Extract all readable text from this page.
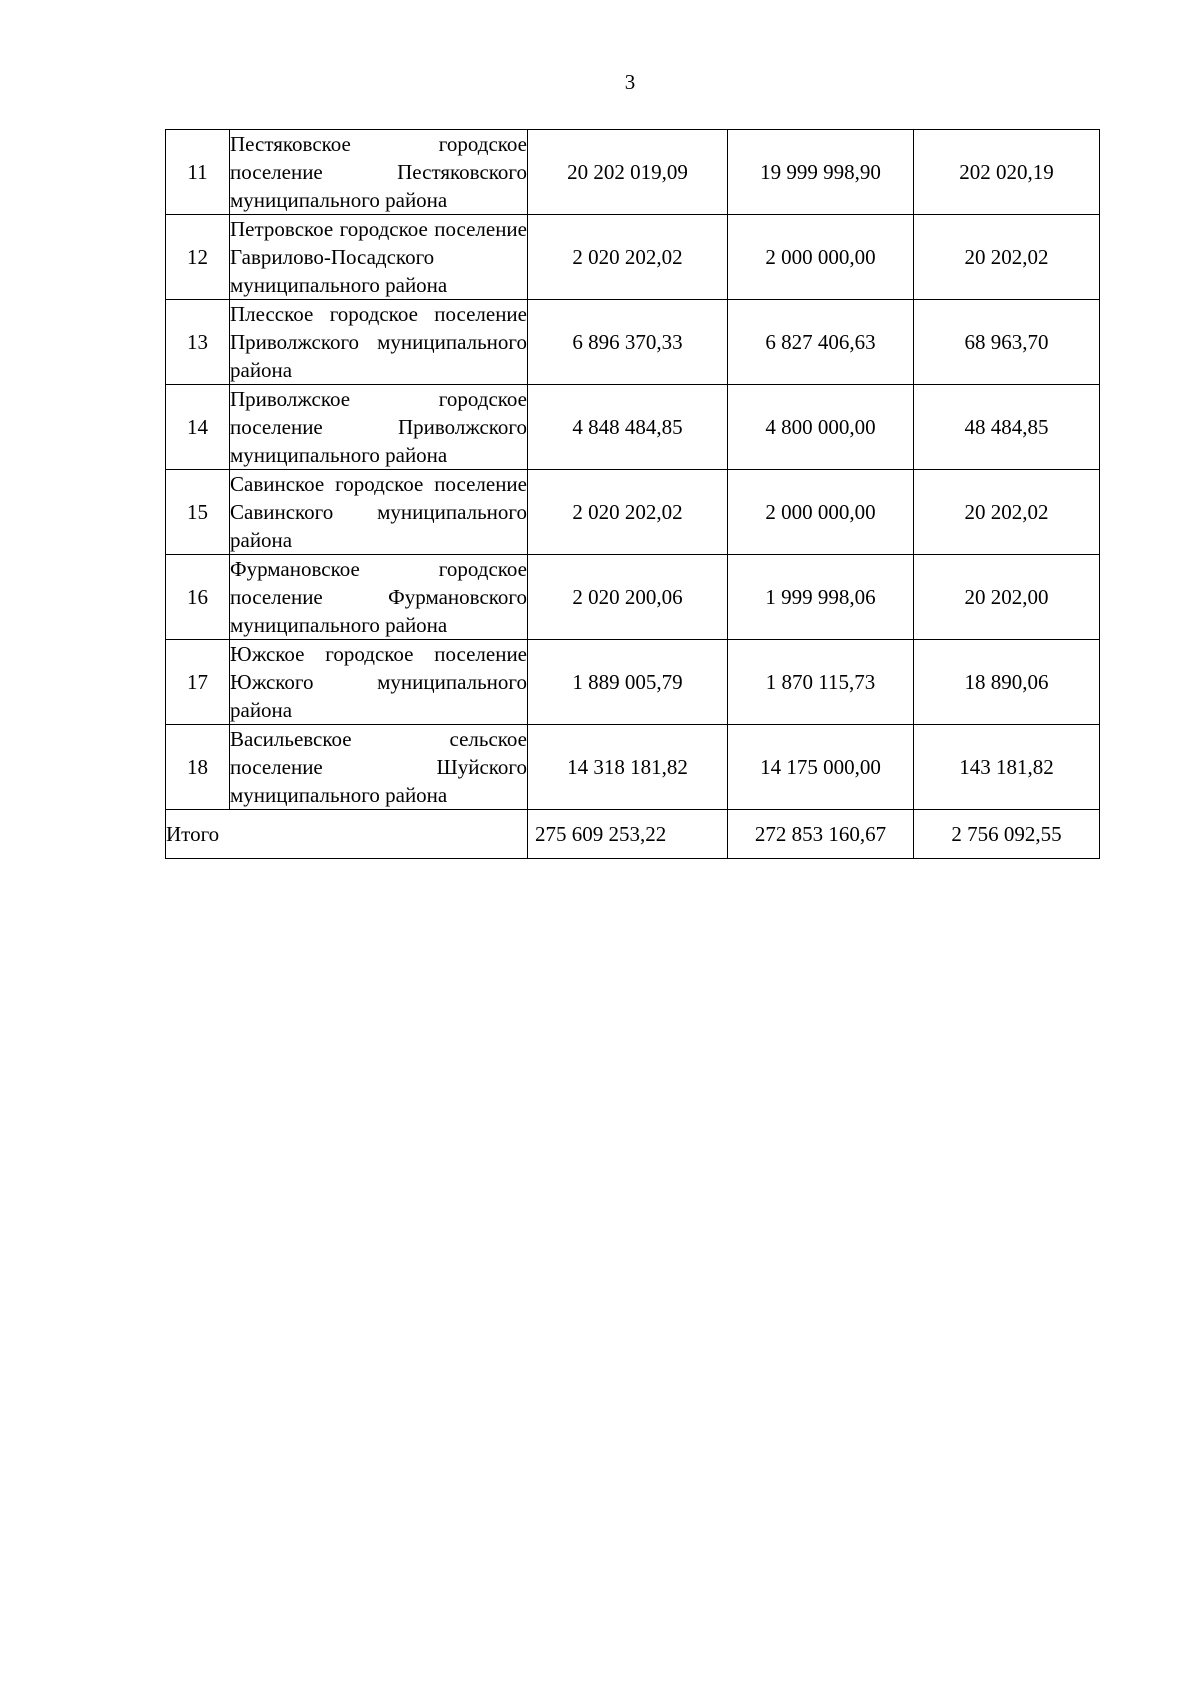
3
11	Пестяковское городское поселение Пестяковского муниципального района	20 202 019,09	19 999 998,90	202 020,19
12	Петровское городское поселение Гаврилово-Посадского муниципального района	2 020 202,02	2 000 000,00	20 202,02
13	Плесское городское поселение Приволжского муниципального района	6 896 370,33	6 827 406,63	68 963,70
14	Приволжское городское поселение Приволжского муниципального района	4 848 484,85	4 800 000,00	48 484,85
15	Савинское городское поселение Савинского муниципального района	2 020 202,02	2 000 000,00	20 202,02
16	Фурмановское городское поселение Фурмановского муниципального района	2 020 200,06	1 999 998,06	20 202,00
17	Южское городское поселение Южского муниципального района	1 889 005,79	1 870 115,73	18 890,06
18	Васильевское сельское поселение Шуйского муниципального района	14 318 181,82	14 175 000,00	143 181,82
Итого		275 609 253,22	272 853 160,67	2 756 092,55
